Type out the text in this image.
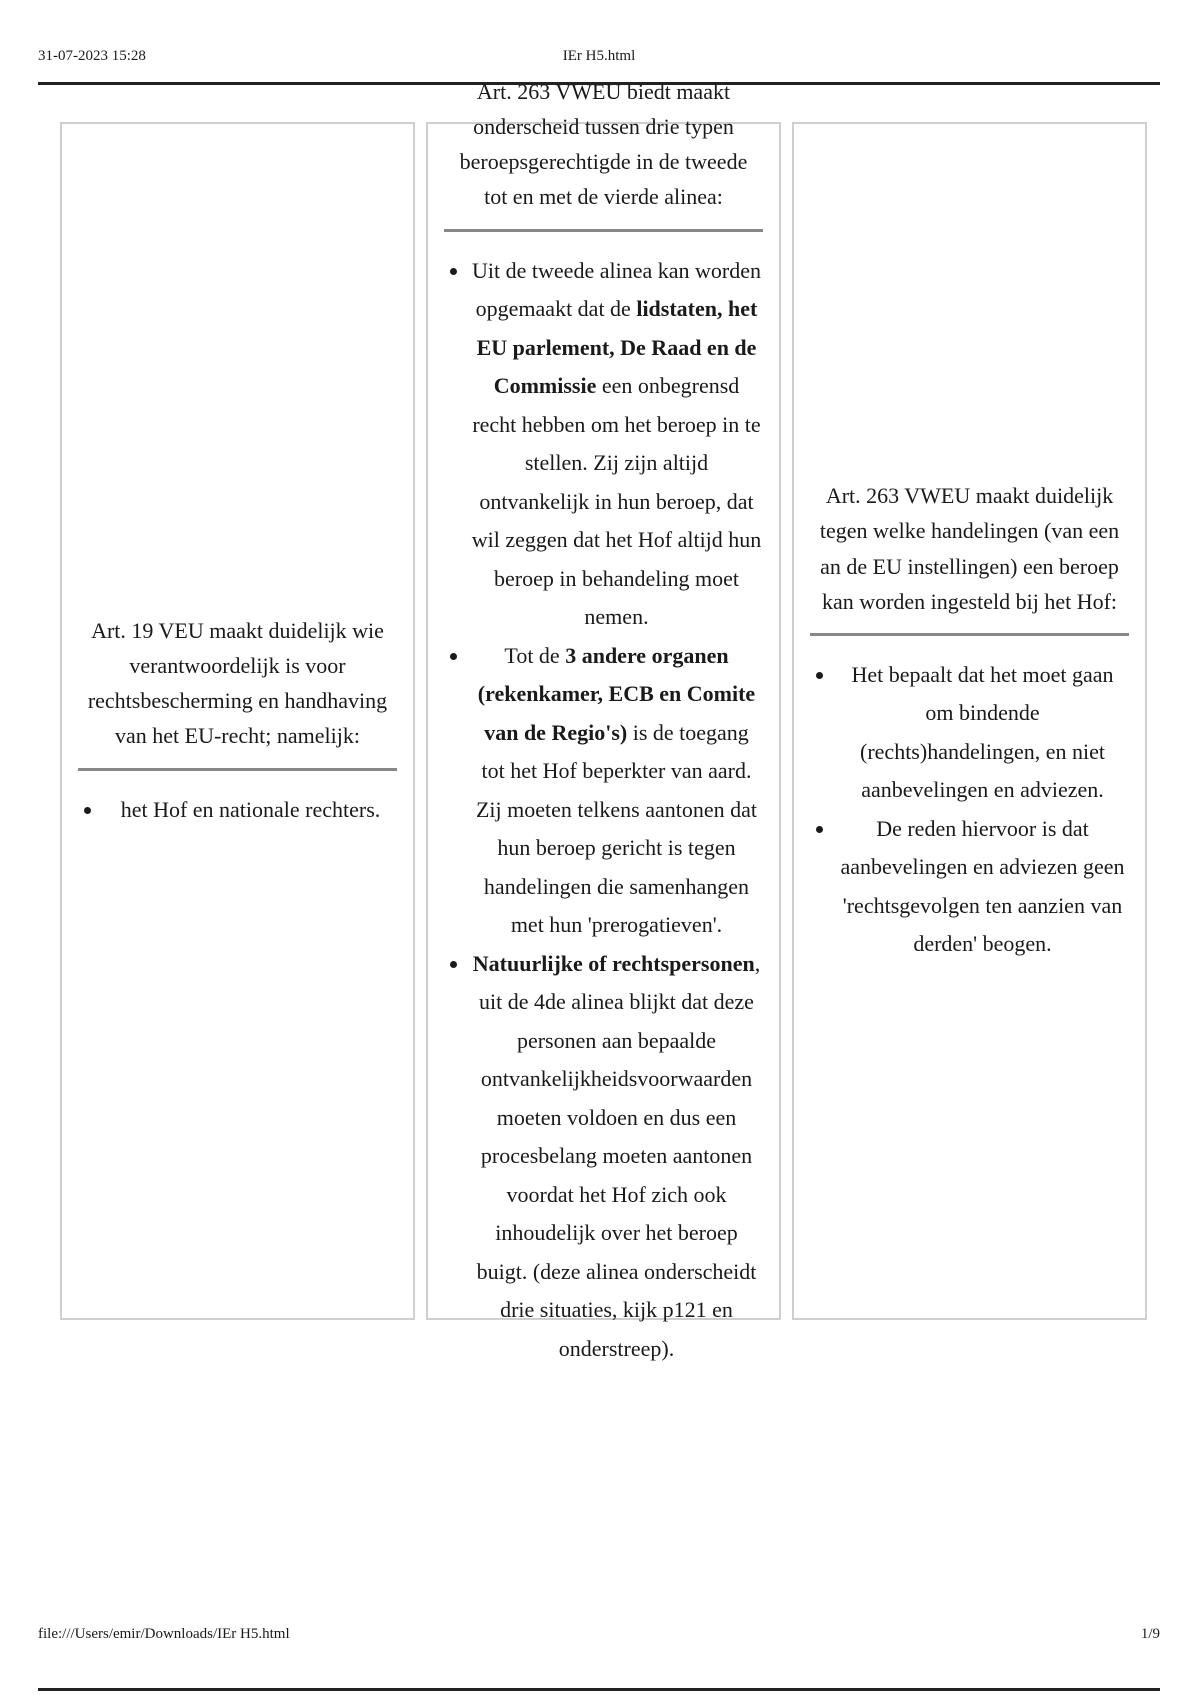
31-07-2023 15:28	IEr H5.html

Art. 19 VEU maakt duidelijk wie verantwoordelijk is voor rechtsbescherming en handhaving van het EU-recht; namelijk:

• het Hof en nationale rechters.

Art. 263 VWEU biedt maakt onderscheid tussen drie typen beroepsgerechtigde in de tweede tot en met de vierde alinea:

• Uit de tweede alinea kan worden opgemaakt dat de lidstaten, het EU parlement, De Raad en de Commissie een onbegrensd recht hebben om het beroep in te stellen. Zij zijn altijd ontvankelijk in hun beroep, dat wil zeggen dat het Hof altijd hun beroep in behandeling moet nemen.
• Tot de 3 andere organen (rekenkamer, ECB en Comite van de Regio's) is de toegang tot het Hof beperkter van aard. Zij moeten telkens aantonen dat hun beroep gericht is tegen handelingen die samenhangen met hun 'prerogatieven'.
• Natuurlijke of rechtspersonen, uit de 4de alinea blijkt dat deze personen aan bepaalde ontvankelijkheidsvoorwaarden moeten voldoen en dus een procesbelang moeten aantonen voordat het Hof zich ook inhoudelijk over het beroep buigt. (deze alinea onderscheidt drie situaties, kijk p121 en onderstreep).

Art. 263 VWEU maakt duidelijk tegen welke handelingen (van een an de EU instellingen) een beroep kan worden ingesteld bij het Hof:

• Het bepaalt dat het moet gaan om bindende (rechts)handelingen, en niet aanbevelingen en adviezen.
• De reden hiervoor is dat aanbevelingen en adviezen geen 'rechtsgevolgen ten aanzien van derden' beogen.
file:///Users/emir/Downloads/IEr H5.html	1/9
